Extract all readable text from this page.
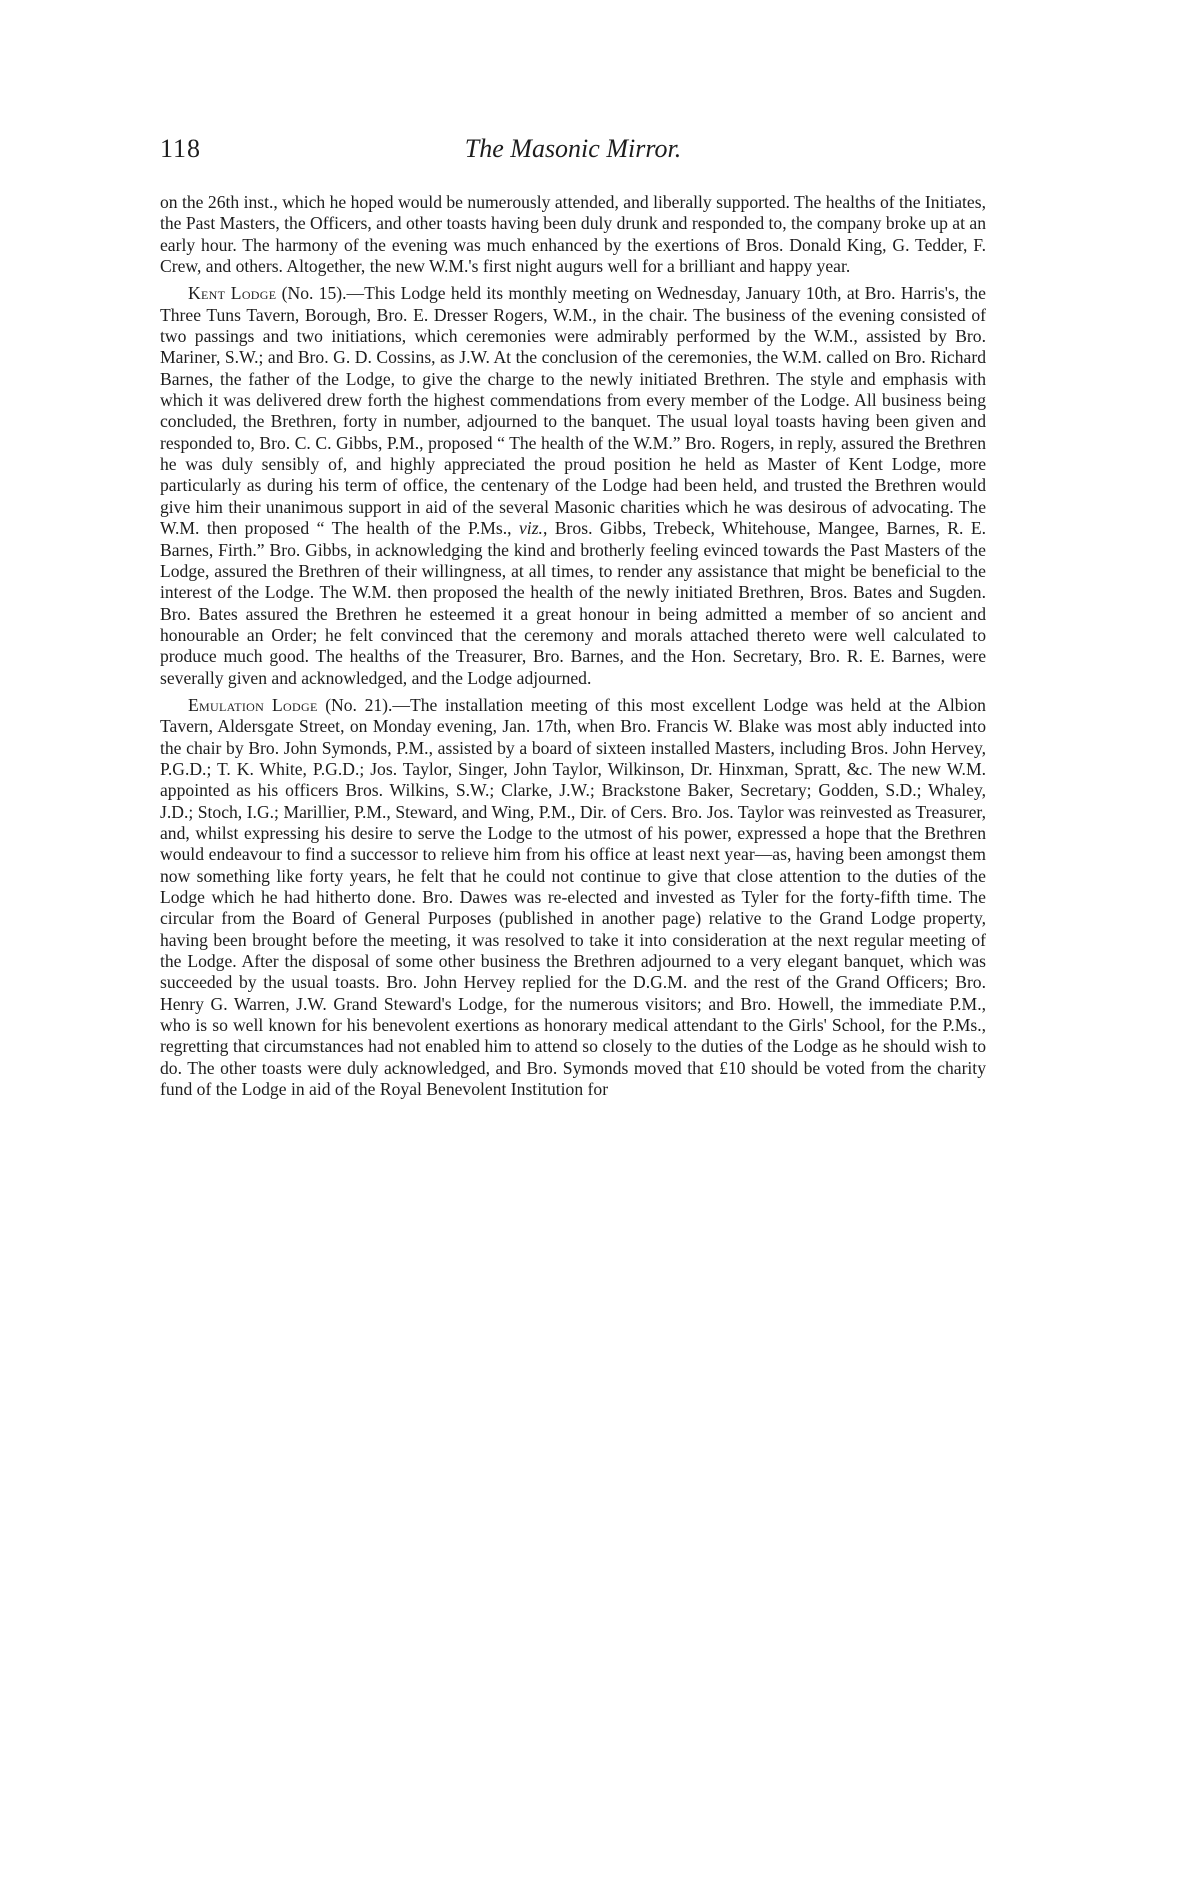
118	The Masonic Mirror.

on the 26th inst., which he hoped would be numerously attended, and liberally supported. The healths of the Initiates, the Past Masters, the Officers, and other toasts having been duly drunk and responded to, the company broke up at an early hour. The harmony of the evening was much enhanced by the exertions of Bros. Donald King, G. Tedder, F. Crew, and others. Altogether, the new W.M.'s first night augurs well for a brilliant and happy year.

Kent Lodge (No. 15).—This Lodge held its monthly meeting on Wednesday, January 10th, at Bro. Harris's, the Three Tuns Tavern, Borough, Bro. E. Dresser Rogers, W.M., in the chair. The business of the evening consisted of two passings and two initiations, which ceremonies were admirably performed by the W.M., assisted by Bro. Mariner, S.W.; and Bro. G. D. Cossins, as J.W. At the conclusion of the ceremonies, the W.M. called on Bro. Richard Barnes, the father of the Lodge, to give the charge to the newly initiated Brethren. The style and emphasis with which it was delivered drew forth the highest commendations from every member of the Lodge. All business being concluded, the Brethren, forty in number, adjourned to the banquet. The usual loyal toasts having been given and responded to, Bro. C. C. Gibbs, P.M., proposed “ The health of the W.M.” Bro. Rogers, in reply, assured the Brethren he was duly sensibly of, and highly appreciated the proud position he held as Master of Kent Lodge, more particularly as during his term of office, the centenary of the Lodge had been held, and trusted the Brethren would give him their unanimous support in aid of the several Masonic charities which he was desirous of advocating. The W.M. then proposed “ The health of the P.Ms., viz., Bros. Gibbs, Trebeck, Whitehouse, Mangee, Barnes, R. E. Barnes, Firth.” Bro. Gibbs, in acknowledging the kind and brotherly feeling evinced towards the Past Masters of the Lodge, assured the Brethren of their willingness, at all times, to render any assistance that might be beneficial to the interest of the Lodge. The W.M. then proposed the health of the newly initiated Brethren, Bros. Bates and Sugden. Bro. Bates assured the Brethren he esteemed it a great honour in being admitted a member of so ancient and honourable an Order; he felt convinced that the ceremony and morals attached thereto were well calculated to produce much good. The healths of the Treasurer, Bro. Barnes, and the Hon. Secretary, Bro. R. E. Barnes, were severally given and acknowledged, and the Lodge adjourned.

Emulation Lodge (No. 21).—The installation meeting of this most excellent Lodge was held at the Albion Tavern, Aldersgate Street, on Monday evening, Jan. 17th, when Bro. Francis W. Blake was most ably inducted into the chair by Bro. John Symonds, P.M., assisted by a board of sixteen installed Masters, including Bros. John Hervey, P.G.D.; T. K. White, P.G.D.; Jos. Taylor, Singer, John Taylor, Wilkinson, Dr. Hinxman, Spratt, &c. The new W.M. appointed as his officers Bros. Wilkins, S.W.; Clarke, J.W.; Brackstone Baker, Secretary; Godden, S.D.; Whaley, J.D.; Stoch, I.G.; Marillier, P.M., Steward, and Wing, P.M., Dir. of Cers. Bro. Jos. Taylor was reinvested as Treasurer, and, whilst expressing his desire to serve the Lodge to the utmost of his power, expressed a hope that the Brethren would endeavour to find a successor to relieve him from his office at least next year—as, having been amongst them now something like forty years, he felt that he could not continue to give that close attention to the duties of the Lodge which he had hitherto done. Bro. Dawes was re-elected and invested as Tyler for the forty-fifth time. The circular from the Board of General Purposes (published in another page) relative to the Grand Lodge property, having been brought before the meeting, it was resolved to take it into consideration at the next regular meeting of the Lodge. After the disposal of some other business the Brethren adjourned to a very elegant banquet, which was succeeded by the usual toasts. Bro. John Hervey replied for the D.G.M. and the rest of the Grand Officers; Bro. Henry G. Warren, J.W. Grand Steward's Lodge, for the numerous visitors; and Bro. Howell, the immediate P.M., who is so well known for his benevolent exertions as honorary medical attendant to the Girls' School, for the P.Ms., regretting that circumstances had not enabled him to attend so closely to the duties of the Lodge as he should wish to do. The other toasts were duly acknowledged, and Bro. Symonds moved that £10 should be voted from the charity fund of the Lodge in aid of the Royal Benevolent Institution for
